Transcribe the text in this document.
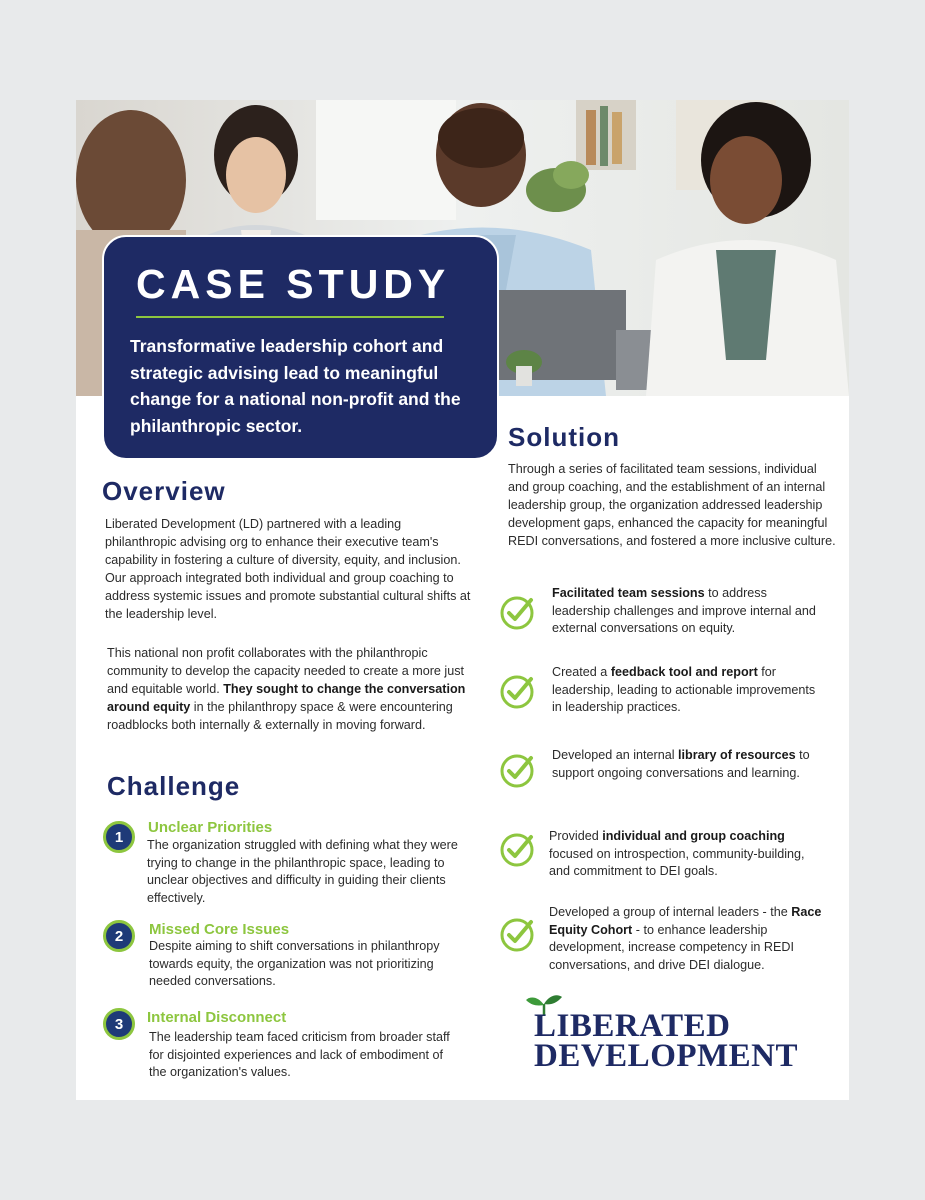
CASE STUDY
Transformative leadership cohort and strategic advising lead to meaningful change for a national non-profit and the philanthropic sector.
Overview
Liberated Development (LD) partnered with a leading philanthropic advising org to enhance their executive team's capability in fostering a culture of diversity, equity, and inclusion. Our approach integrated both individual and group coaching to address systemic issues and promote substantial cultural shifts at the leadership level.
This national non profit collaborates with the philanthropic community to develop the capacity needed to create a more just and equitable world. They sought to change the conversation around equity in the philanthropy space & were encountering roadblocks both internally & externally in moving forward.
Challenge
1
Unclear Priorities
The organization struggled with defining what they were trying to change in the philanthropic space, leading to unclear objectives and difficulty in guiding their clients effectively.
2	Missed Core Issues
Despite aiming to shift conversations in philanthropy towards equity, the organization was not prioritizing needed conversations.
3	Internal Disconnect
The leadership team faced criticism from broader staff for disjointed experiences and lack of embodiment of the organization's values.
Solution
Through a series of facilitated team sessions, individual and group coaching, and the establishment of an internal leadership group, the organization addressed leadership development gaps, enhanced the capacity for meaningful REDI conversations, and fostered a more inclusive culture.
Facilitated team sessions to address leadership challenges and improve internal and external conversations on equity.
Created a feedback tool and report for leadership, leading to actionable improvements in leadership practices.
Developed an internal library of resources to support ongoing conversations and learning.
Provided individual and group coaching focused on introspection, community-building, and commitment to DEI goals.
Developed a group of internal leaders - the Race Equity Cohort - to enhance leadership development, increase competency in REDI conversations, and drive DEI dialogue.
LIBERATED
DEVELOPMENT
